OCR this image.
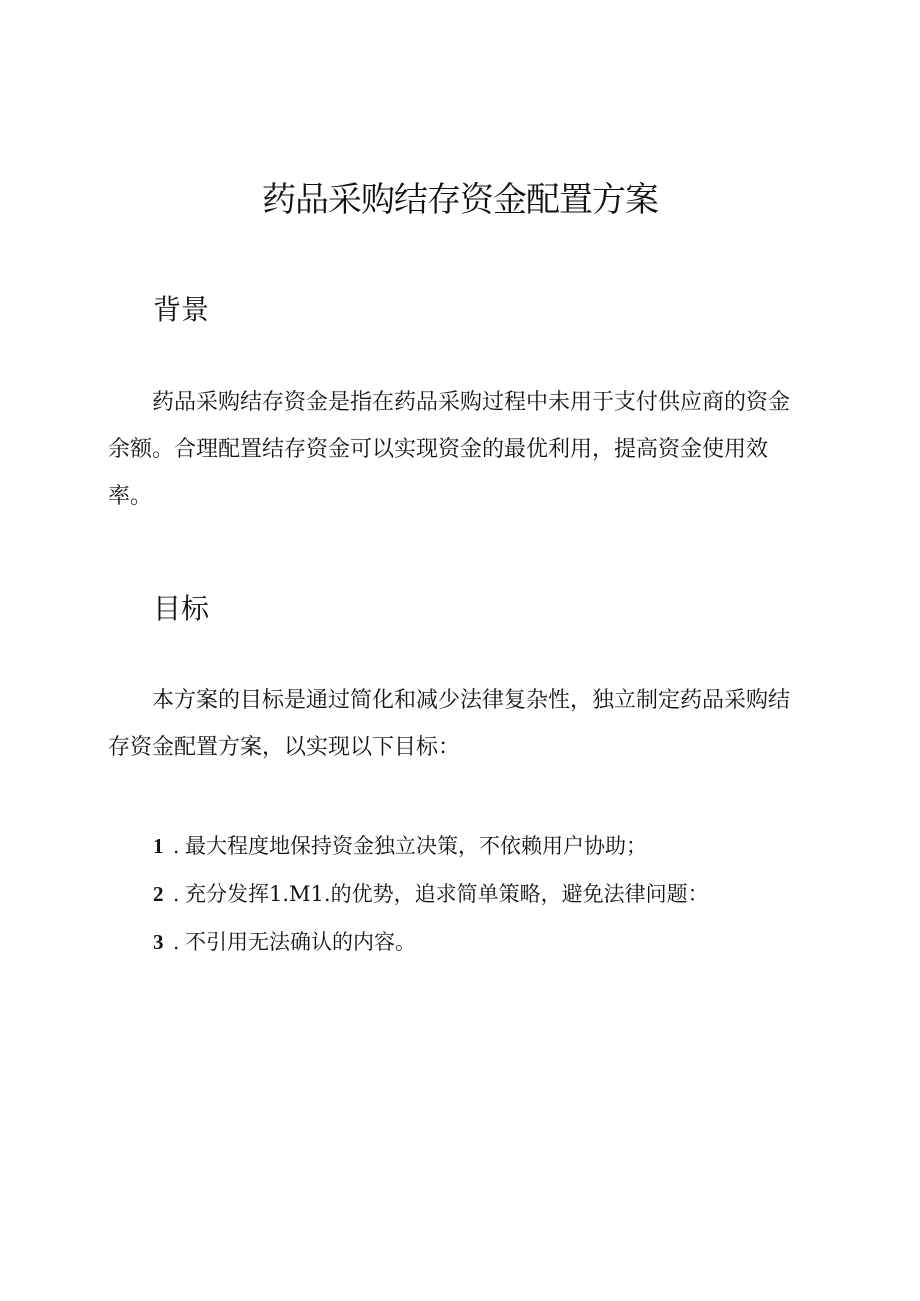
药品采购结存资金配置方案
背景

药品采购结存资金是指在药品采购过程中未用于支付供应商的资金余额。合理配置结存资金可以实现资金的最优利用，提高资金使用效率。

目标

本方案的目标是通过简化和减少法律复杂性，独立制定药品采购结存资金配置方案，以实现以下目标：

1 . 最大程度地保持资金独立决策，不依赖用户协助；
2 . 充分发挥1.M1.的优势，追求简单策略，避免法律问题：
3 . 不引用无法确认的内容。
